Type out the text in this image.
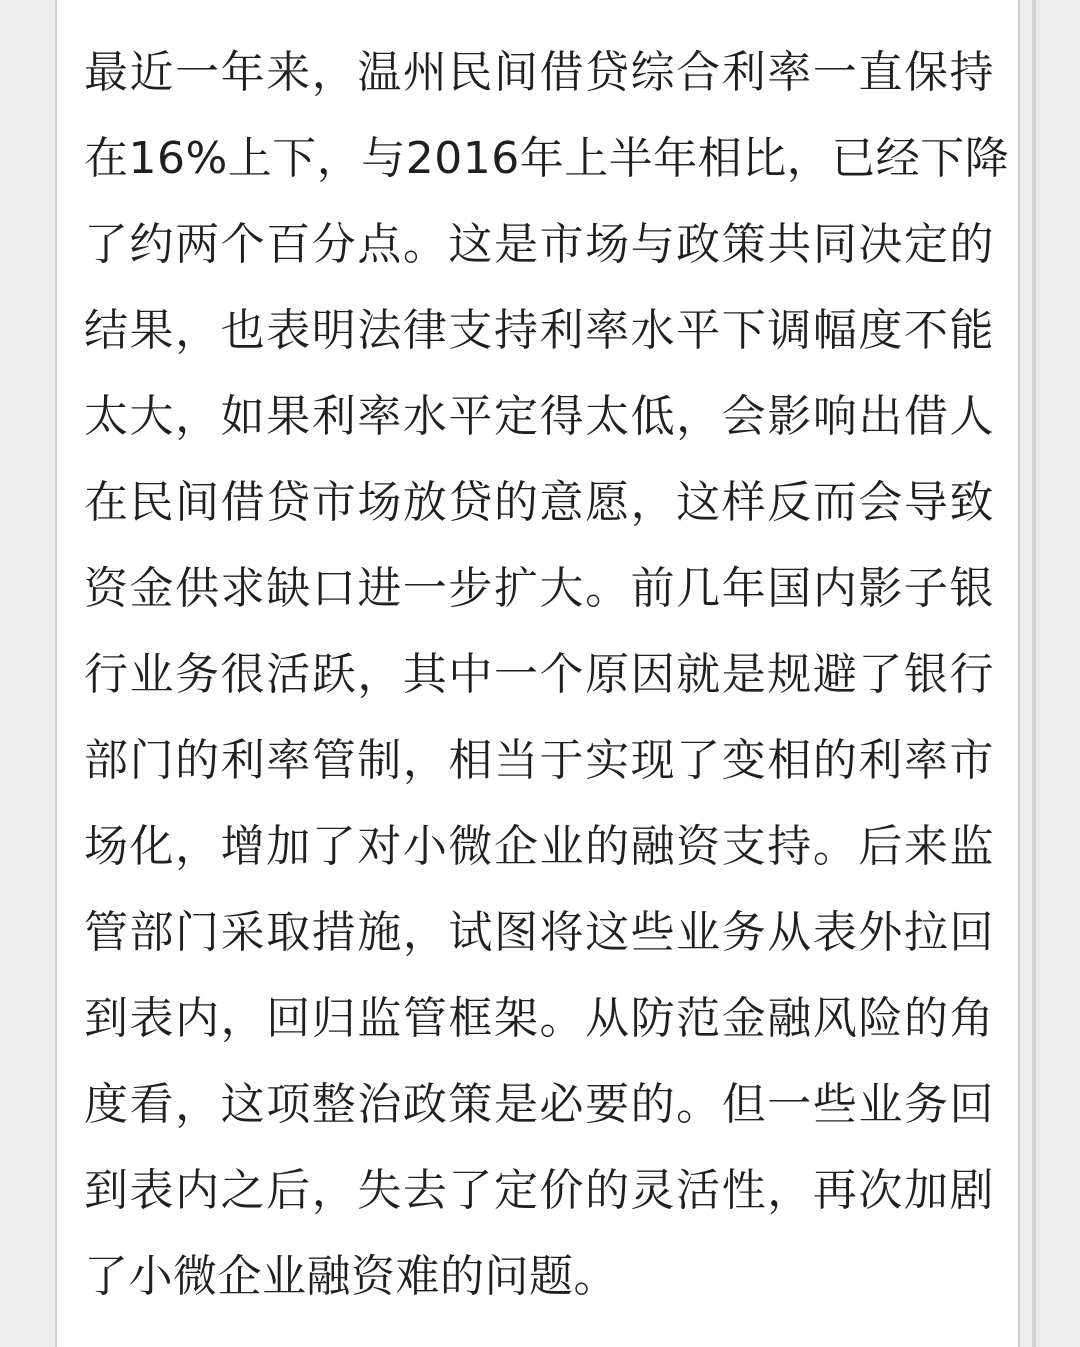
最近一年来，温州民间借贷综合利率一直保持
在16%上下，与2016年上半年相比，已经下降
了约两个百分点。这是市场与政策共同决定的
结果，也表明法律支持利率水平下调幅度不能
太大，如果利率水平定得太低，会影响出借人
在民间借贷市场放贷的意愿，这样反而会导致
资金供求缺口进一步扩大。前几年国内影子银
行业务很活跃，其中一个原因就是规避了银行
部门的利率管制，相当于实现了变相的利率市
场化，增加了对小微企业的融资支持。后来监
管部门采取措施，试图将这些业务从表外拉回
到表内，回归监管框架。从防范金融风险的角
度看，这项整治政策是必要的。但一些业务回
到表内之后，失去了定价的灵活性，再次加剧
了小微企业融资难的问题。
